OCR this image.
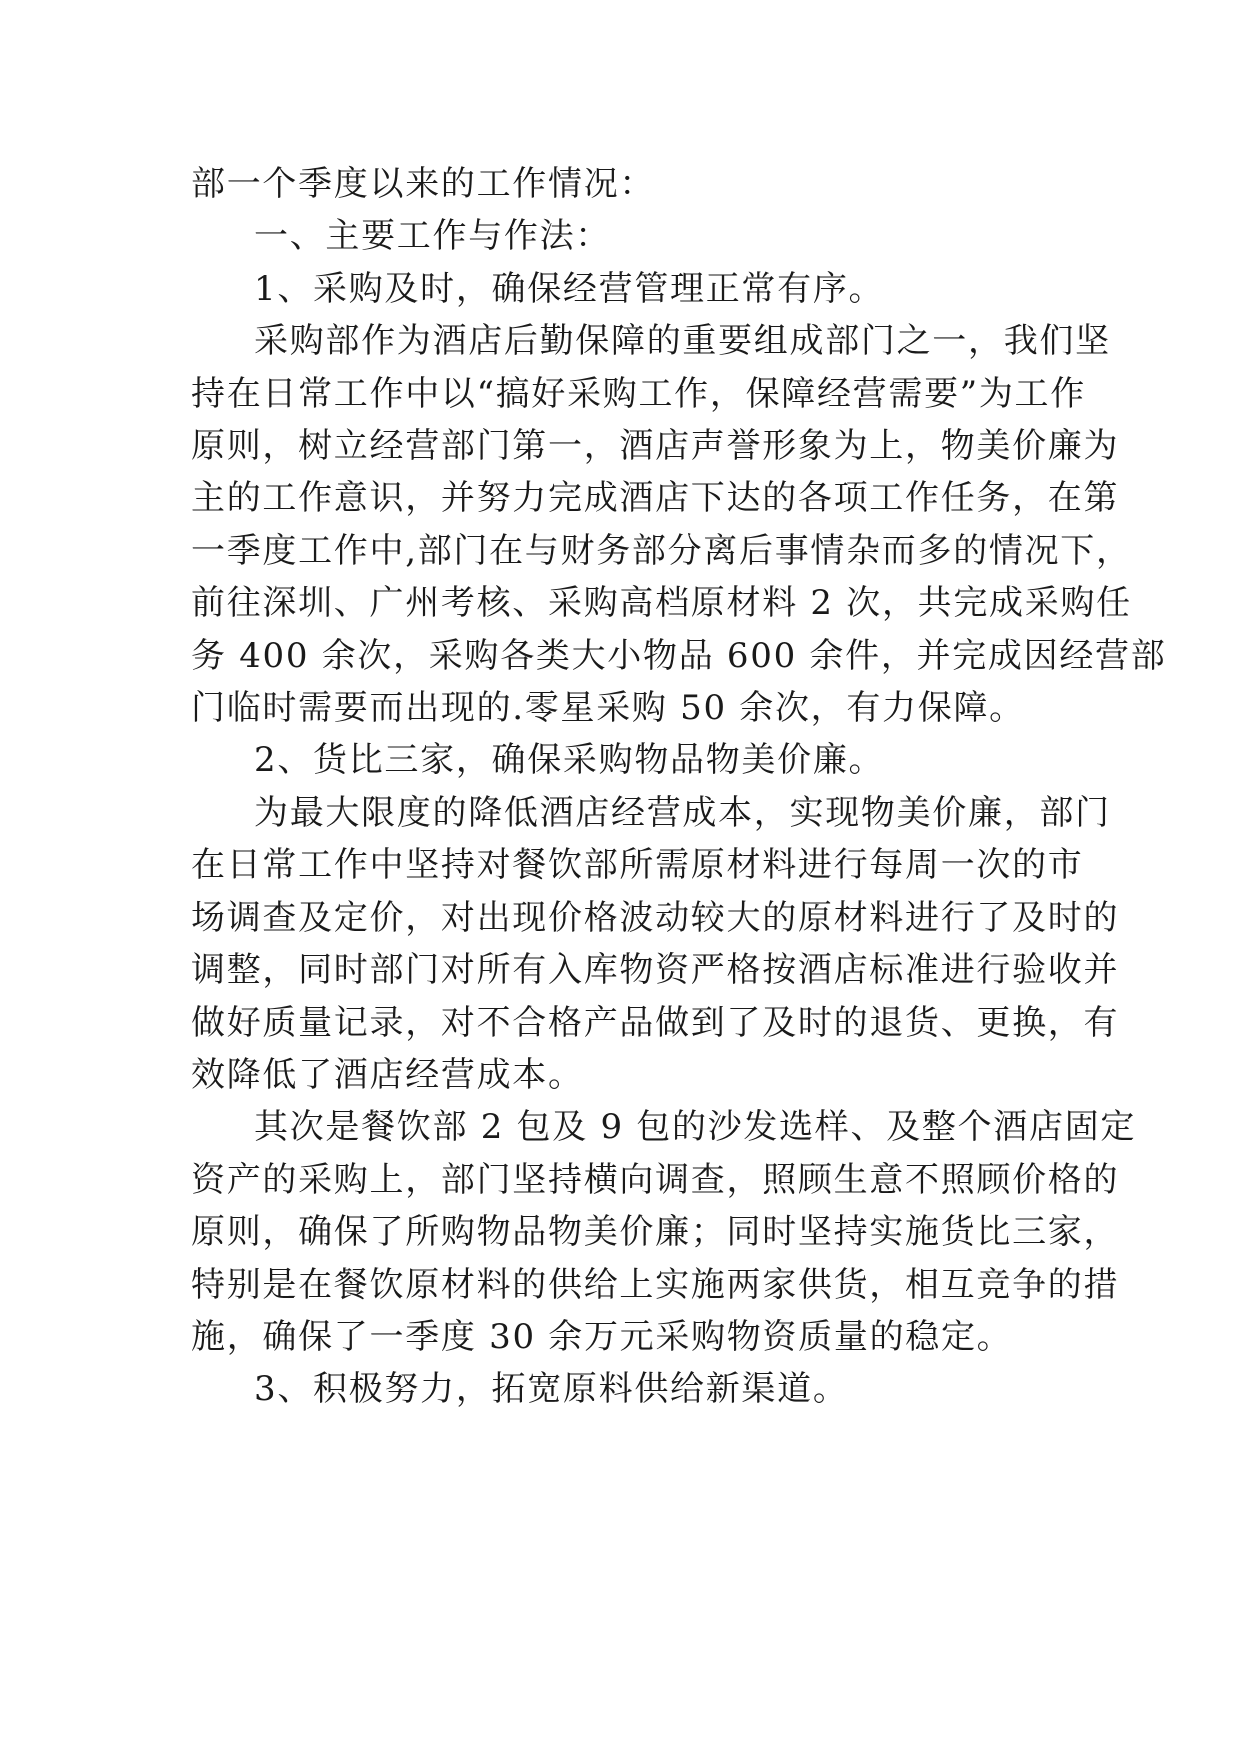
部一个季度以来的工作情况：

一、主要工作与作法：

1、采购及时，确保经营管理正常有序。

采购部作为酒店后勤保障的重要组成部门之一，我们坚

持在日常工作中以“搞好采购工作，保障经营需要”为工作

原则，树立经营部门第一，酒店声誉形象为上，物美价廉为

主的工作意识，并努力完成酒店下达的各项工作任务，在第

一季度工作中,部门在与财务部分离后事情杂而多的情况下，

前往深圳、广州考核、采购高档原材料 2 次，共完成采购任

务 400 余次，采购各类大小物品 600 余件，并完成因经营部

门临时需要而出现的.零星采购 50 余次，有力保障。

2、货比三家，确保采购物品物美价廉。

为最大限度的降低酒店经营成本，实现物美价廉，部门

在日常工作中坚持对餐饮部所需原材料进行每周一次的市

场调查及定价，对出现价格波动较大的原材料进行了及时的

调整，同时部门对所有入库物资严格按酒店标准进行验收并

做好质量记录，对不合格产品做到了及时的退货、更换，有

效降低了酒店经营成本。

其次是餐饮部 2 包及 9 包的沙发选样、及整个酒店固定

资产的采购上，部门坚持横向调查，照顾生意不照顾价格的

原则，确保了所购物品物美价廉；同时坚持实施货比三家，

特别是在餐饮原材料的供给上实施两家供货，相互竞争的措

施，确保了一季度 30 余万元采购物资质量的稳定。

3、积极努力，拓宽原料供给新渠道。
